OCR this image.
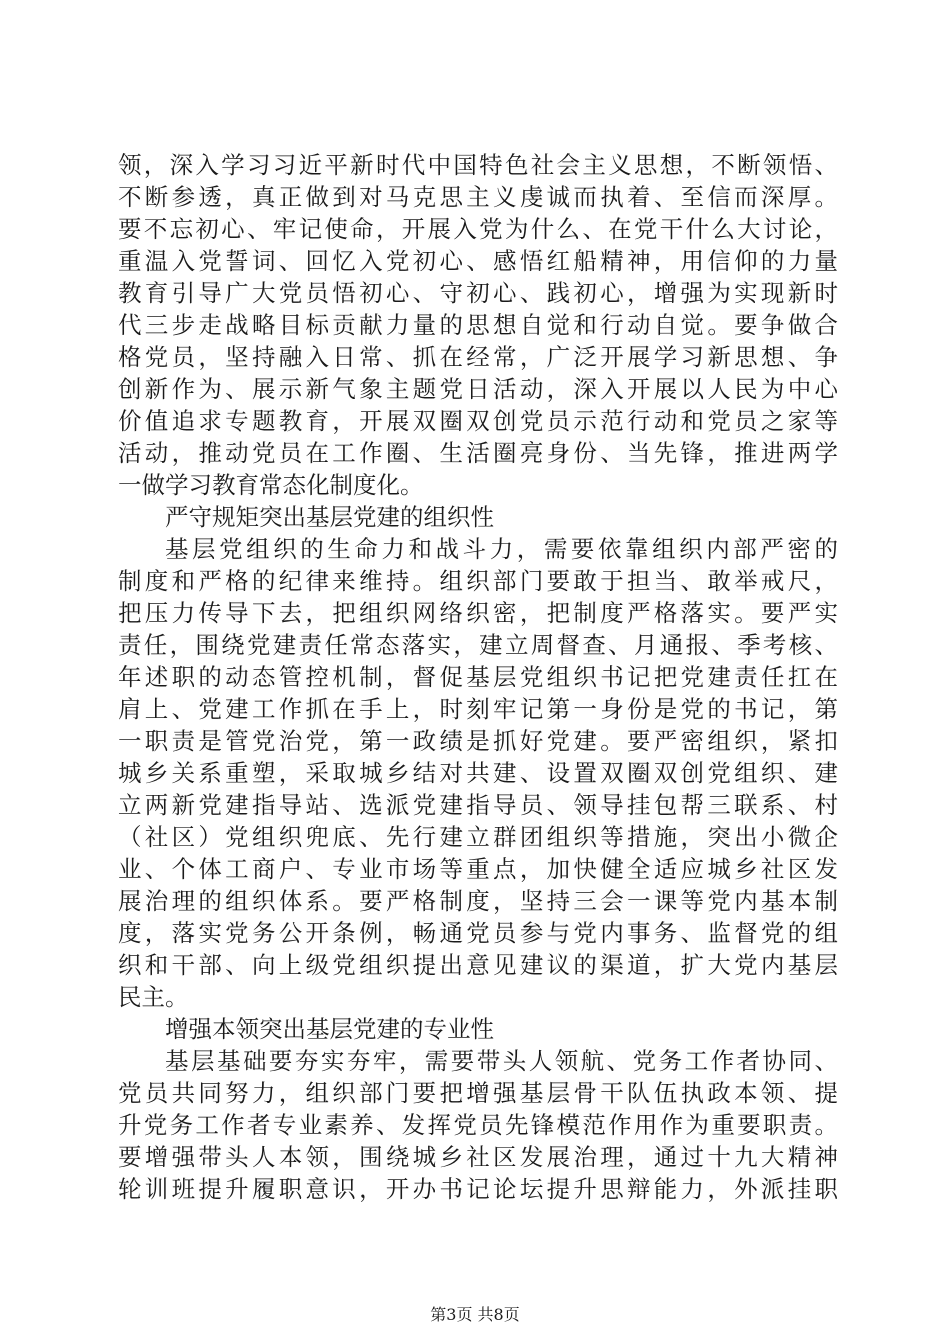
领，深入学习习近平新时代中国特色社会主义思想，不断领悟、
不断参透，真正做到对马克思主义虔诚而执着、至信而深厚。
要不忘初心、牢记使命，开展入党为什么、在党干什么大讨论，
重温入党誓词、回忆入党初心、感悟红船精神，用信仰的力量
教育引导广大党员悟初心、守初心、践初心，增强为实现新时
代三步走战略目标贡献力量的思想自觉和行动自觉。要争做合
格党员，坚持融入日常、抓在经常，广泛开展学习新思想、争
创新作为、展示新气象主题党日活动，深入开展以人民为中心
价值追求专题教育，开展双圈双创党员示范行动和党员之家等
活动，推动党员在工作圈、生活圈亮身份、当先锋，推进两学
一做学习教育常态化制度化。
严守规矩突出基层党建的组织性
基层党组织的生命力和战斗力，需要依靠组织内部严密的
制度和严格的纪律来维持。组织部门要敢于担当、敢举戒尺，
把压力传导下去，把组织网络织密，把制度严格落实。要严实
责任，围绕党建责任常态落实，建立周督查、月通报、季考核、
年述职的动态管控机制，督促基层党组织书记把党建责任扛在
肩上、党建工作抓在手上，时刻牢记第一身份是党的书记，第
一职责是管党治党，第一政绩是抓好党建。要严密组织，紧扣
城乡关系重塑，采取城乡结对共建、设置双圈双创党组织、建
立两新党建指导站、选派党建指导员、领导挂包帮三联系、村
（社区）党组织兜底、先行建立群团组织等措施，突出小微企
业、个体工商户、专业市场等重点，加快健全适应城乡社区发
展治理的组织体系。要严格制度，坚持三会一课等党内基本制
度，落实党务公开条例，畅通党员参与党内事务、监督党的组
织和干部、向上级党组织提出意见建议的渠道，扩大党内基层
民主。
增强本领突出基层党建的专业性
基层基础要夯实夯牢，需要带头人领航、党务工作者协同、
党员共同努力，组织部门要把增强基层骨干队伍执政本领、提
升党务工作者专业素养、发挥党员先锋模范作用作为重要职责。
要增强带头人本领，围绕城乡社区发展治理，通过十九大精神
轮训班提升履职意识，开办书记论坛提升思辩能力，外派挂职
第3页 共8页
